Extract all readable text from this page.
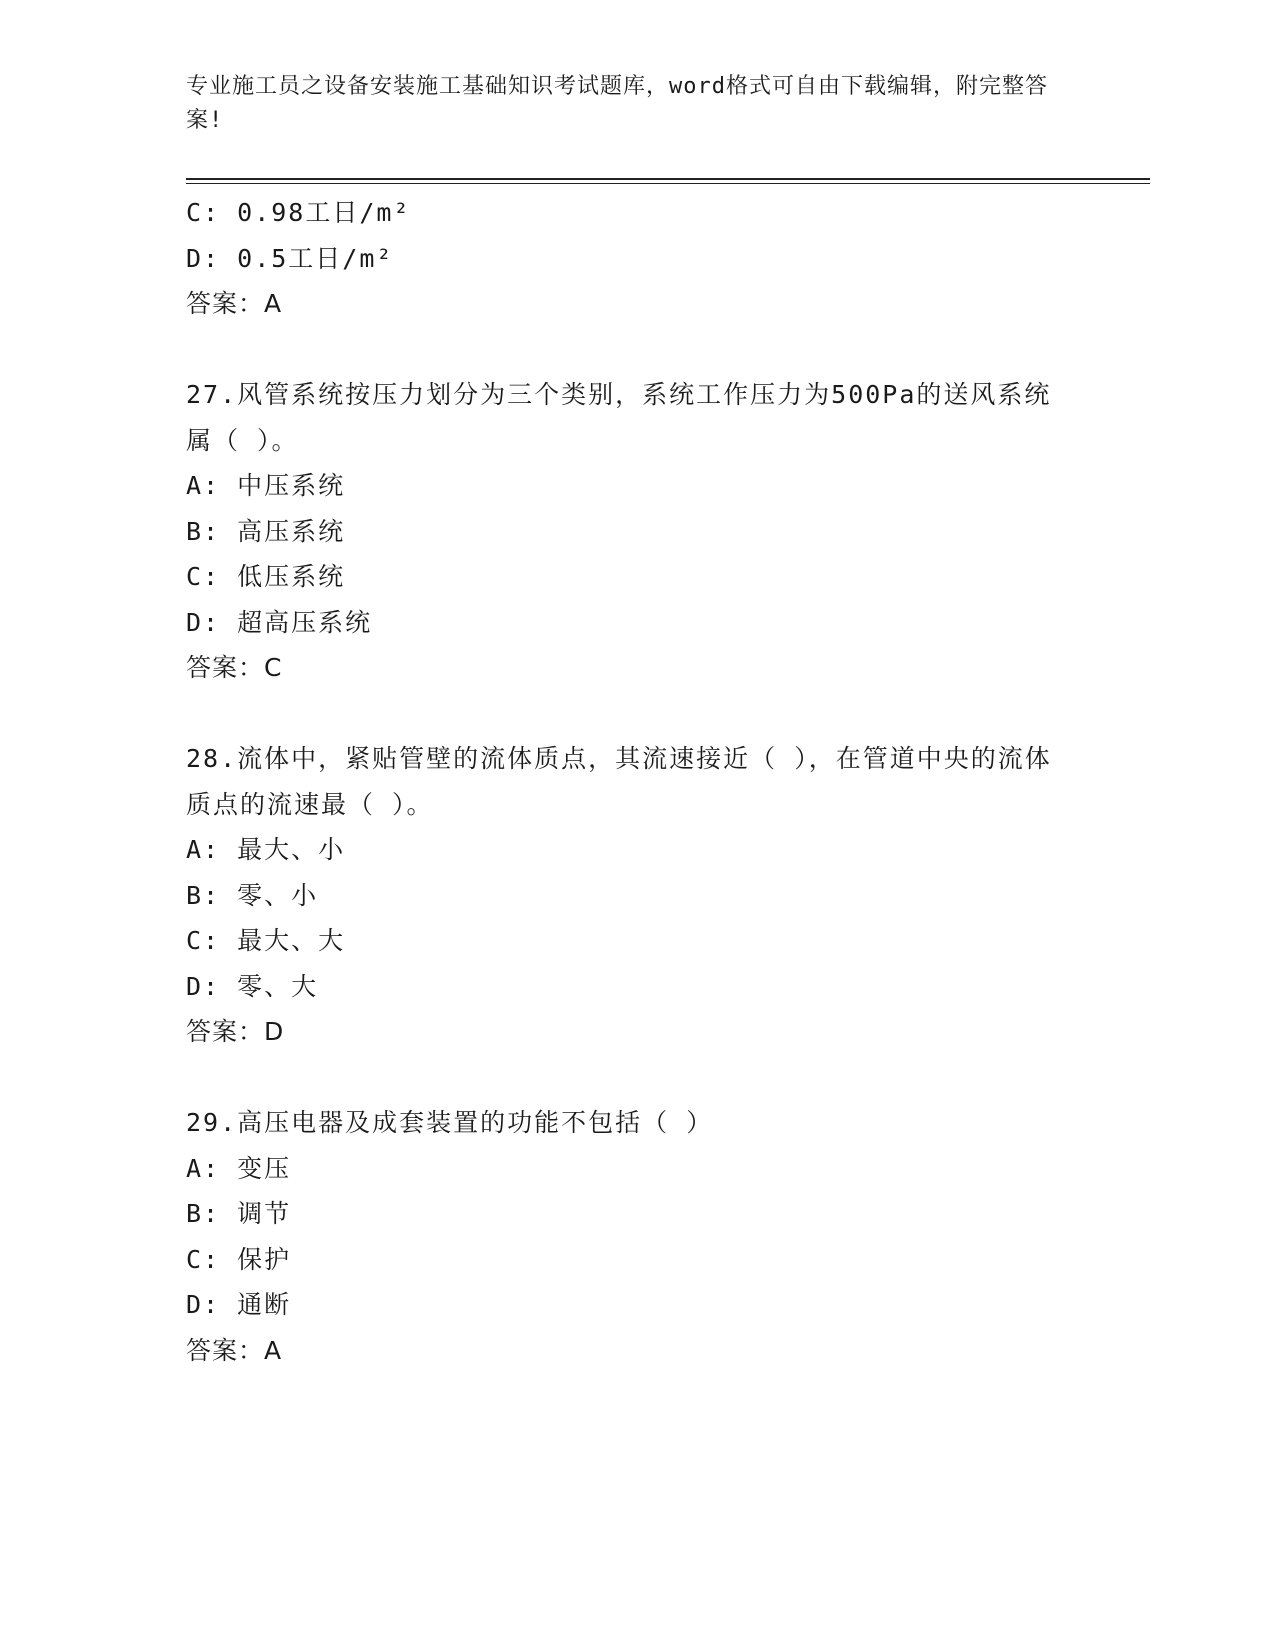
专业施工员之设备安装施工基础知识考试题库，word格式可自由下载编辑，附完整答案!
C: 0.98工日/m²
D: 0.5工日/m²
答案：A
27.风管系统按压力划分为三个类别，系统工作压力为500Pa的送风系统属（ ）。
A: 中压系统
B: 高压系统
C: 低压系统
D: 超高压系统
答案：C
28.流体中，紧贴管壁的流体质点，其流速接近（ ），在管道中央的流体质点的流速最（ ）。
A: 最大、小
B: 零、小
C: 最大、大
D: 零、大
答案：D
29.高压电器及成套装置的功能不包括（ ）
A: 变压
B: 调节
C: 保护
D: 通断
答案：A
